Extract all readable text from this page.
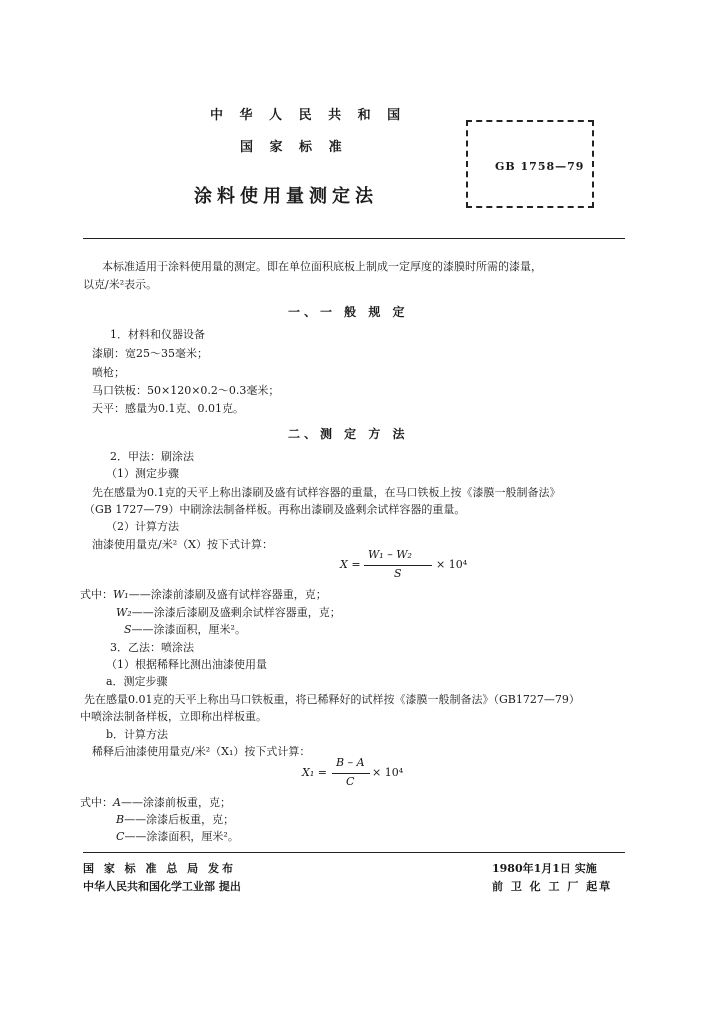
中 华 人 民 共 和 国
国 家 标 准
涂料使用量测定法
GB 1758—79
本标准适用于涂料使用量的测定。即在单位面积底板上制成一定厚度的漆膜时所需的漆量，
以克/米²表示。
一、一 般 规 定
1．材料和仪器设备
漆刷：宽25～35毫米；
喷枪；
马口铁板：50×120×0.2～0.3毫米；
天平：感量为0.1克、0.01克。
二、测 定 方 法
2．甲法：刷涂法
（1）测定步骤
先在感量为0.1克的天平上称出漆刷及盛有试样容器的重量，在马口铁板上按《漆膜一般制备法》
（GB 1727—79）中刷涂法制备样板。再称出漆刷及盛剩余试样容器的重量。
（2）计算方法
油漆使用量克/米²（X）按下式计算：
X =
W₁ – W₂
S
× 10⁴
式中：W₁——涂漆前漆刷及盛有试样容器重，克；
W₂——涂漆后漆刷及盛剩余试样容器重，克；
S——涂漆面积，厘米²。
3．乙法：喷涂法
（1）根据稀释比测出油漆使用量
a．测定步骤
先在感量0.01克的天平上称出马口铁板重，将已稀释好的试样按《漆膜一般制备法》（GB1727—79）
中喷涂法制备样板，立即称出样板重。
b．计算方法
稀释后油漆使用量克/米²（X₁）按下式计算：
X₁ =
B – A
C
× 10⁴
式中：A——涂漆前板重，克；
B——涂漆后板重，克；
C——涂漆面积，厘米²。
国 家 标 准 总 局 发布	1980年1月1日 实施
中华人民共和国化学工业部 提出	前 卫 化 工 厂 起草
